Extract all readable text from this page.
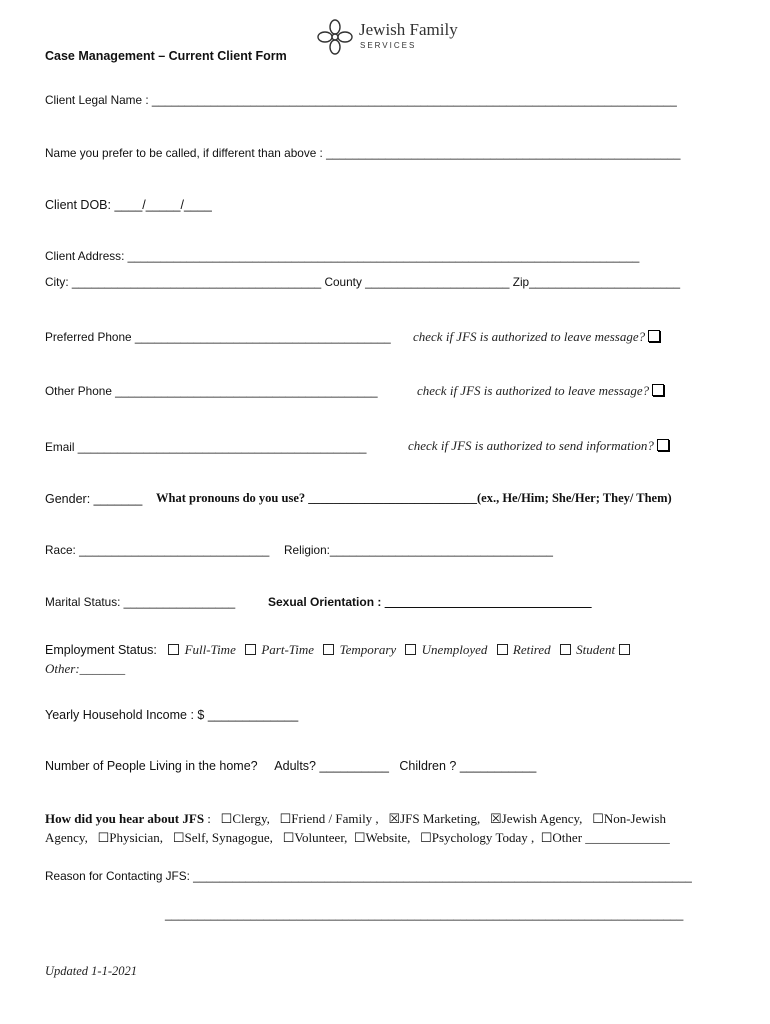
Jewish Family
SERVICES
Case Management – Current Client Form
Client Legal Name : ________________________________________________________________________________
Name you prefer to be called, if different than above : ______________________________________________________
Client DOB: ____/_____/____
Client Address: ______________________________________________________________________________
City: ______________________________________ County ______________________ Zip_______________________
Preferred Phone _______________________________________ check if JFS is authorized to leave message?
Other Phone ________________________________________	check if JFS is authorized to leave message?
Email ____________________________________________	check if JFS is authorized to send information?
Gender: _______ What pronouns do you use? ___________________________(ex., He/Him; She/Her; They/ Them)
Race: _____________________________ Religion:__________________________________
Marital Status: _________________	Sexual Orientation : _______________________________
Employment Status: Full-Time Part-Time Temporary Unemployed Retired Student
Other:_______
Yearly Household Income : $ _____________
Number of People Living in the home?     Adults? __________   Children ? ___________
How did you hear about JFS :   ☐Clergy, ☐Friend / Family , ☒JFS Marketing, ☒Jewish Agency, ☐Non-Jewish
Agency, ☐Physician, ☐Self, Synagogue, ☐Volunteer, ☐Website, ☐Psychology Today , ☐Other _____________
Reason for Contacting JFS: ____________________________________________________________________________
_______________________________________________________________________________
Updated 1-1-2021
